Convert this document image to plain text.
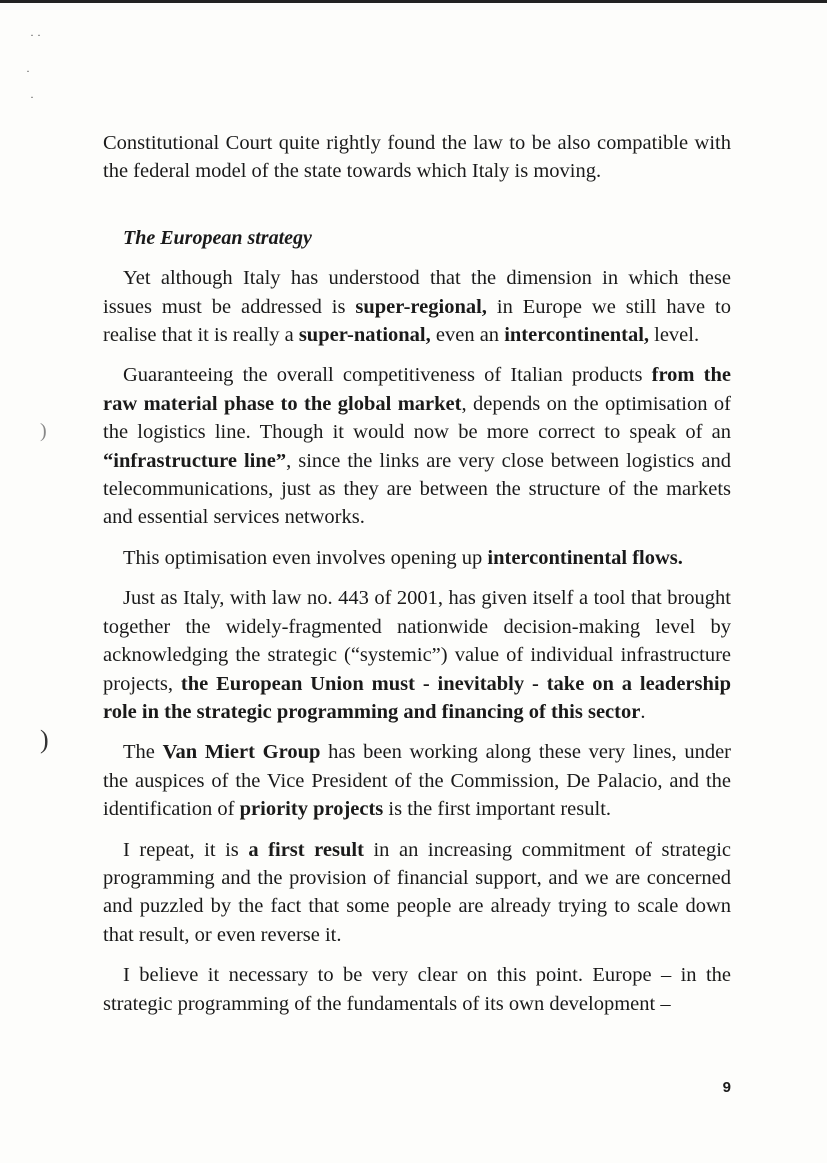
· ·
·
·
)
)

Constitutional Court quite rightly found the law to be also compatible with the federal model of the state towards which Italy is moving.

The European strategy

Yet although Italy has understood that the dimension in which these issues must be addressed is super-regional, in Europe we still have to realise that it is really a super-national, even an intercontinental, level.

Guaranteeing the overall competitiveness of Italian products from the raw material phase to the global market, depends on the optimisation of the logistics line. Though it would now be more correct to speak of an “infrastructure line”, since the links are very close between logistics and telecommunications, just as they are between the structure of the markets and essential services networks.

This optimisation even involves opening up intercontinental flows.

Just as Italy, with law no. 443 of 2001, has given itself a tool that brought together the widely-fragmented nationwide decision-making level by acknowledging the strategic (“systemic”) value of individual infrastructure projects, the European Union must - inevitably - take on a leadership role in the strategic programming and financing of this sector.

The Van Miert Group has been working along these very lines, under the auspices of the Vice President of the Commission, De Palacio, and the identification of priority projects is the first important result.

I repeat, it is a first result in an increasing commitment of strategic programming and the provision of financial support, and we are concerned and puzzled by the fact that some people are already trying to scale down that result, or even reverse it.

I believe it necessary to be very clear on this point. Europe – in the strategic programming of the fundamentals of its own development –

9
